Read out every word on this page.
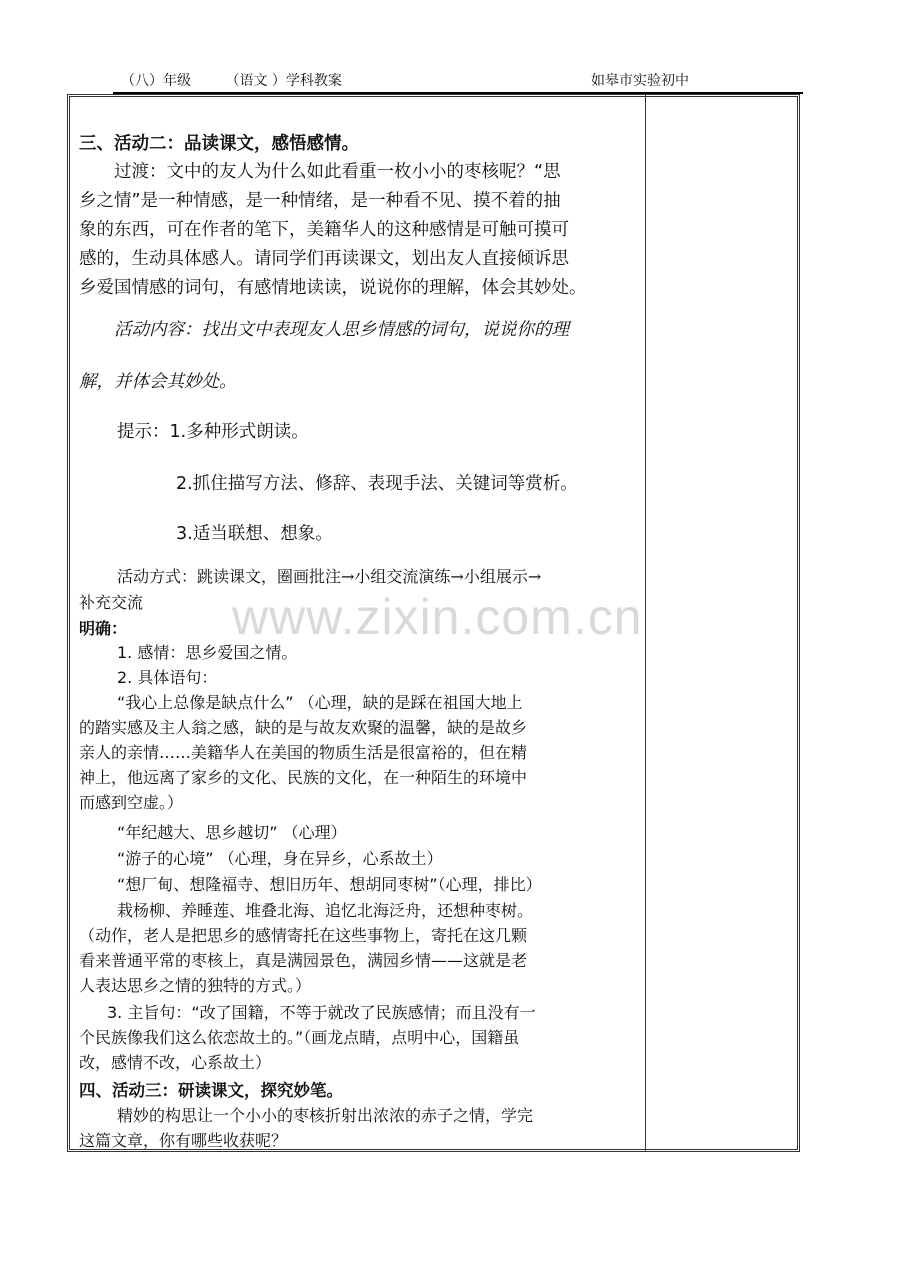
（八）年级 （语文 ）学科教案	如皋市实验初中
www.zixin.com.cn
三、活动二：品读课文，感悟感情。
过渡：文中的友人为什么如此看重一枚小小的枣核呢？“思
乡之情”是一种情感，是一种情绪，是一种看不见、摸不着的抽
象的东西，可在作者的笔下，美籍华人的这种感情是可触可摸可
感的，生动具体感人。请同学们再读课文，划出友人直接倾诉思
乡爱国情感的词句，有感情地读读，说说你的理解，体会其妙处。
活动内容：找出文中表现友人思乡情感的词句，说说你的理
解，并体会其妙处。
提示：1.多种形式朗读。
2.抓住描写方法、修辞、表现手法、关键词等赏析。
3.适当联想、想象。
活动方式：跳读课文，圈画批注→小组交流演练→小组展示→
补充交流
明确：
1. 感情：思乡爱国之情。
2. 具体语句：
“我心上总像是缺点什么” （心理，缺的是踩在祖国大地上
的踏实感及主人翁之感，缺的是与故友欢聚的温馨，缺的是故乡
亲人的亲情……美籍华人在美国的物质生活是很富裕的，但在精
神上，他远离了家乡的文化、民族的文化，在一种陌生的环境中
而感到空虚。）
“年纪越大、思乡越切” （心理）
“游子的心境” （心理，身在异乡，心系故土）
“想厂甸、想隆福寺、想旧历年、想胡同枣树”（心理，排比）
栽杨柳、养睡莲、堆叠北海、追忆北海泛舟，还想种枣树。
（动作，老人是把思乡的感情寄托在这些事物上，寄托在这几颗
看来普通平常的枣核上，真是满园景色，满园乡情——这就是老
人表达思乡之情的独特的方式。）
3. 主旨句：“改了国籍，不等于就改了民族感情；而且没有一
个民族像我们这么依恋故土的。”（画龙点睛，点明中心，国籍虽
改，感情不改，心系故土）
四、活动三：研读课文，探究妙笔。
精妙的构思让一个小小的枣核折射出浓浓的赤子之情，学完
这篇文章，你有哪些收获呢？
